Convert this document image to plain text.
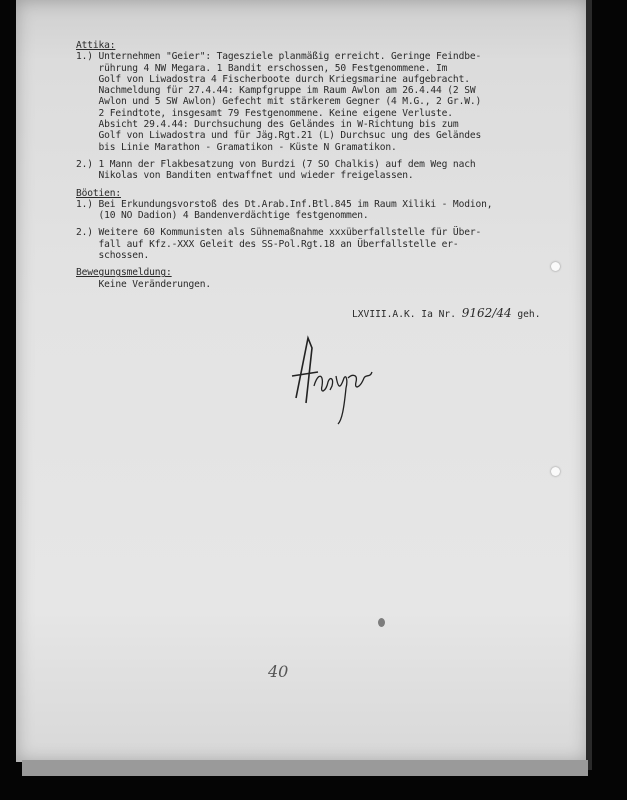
Attika:
1.) Unternehmen "Geier": Tagesziele planmäßig erreicht. Geringe Feindbe-
rührung 4 NW Megara. 1 Bandit erschossen, 50 Festgenommene. Im
Golf von Liwadostra 4 Fischerboote durch Kriegsmarine aufgebracht.
Nachmeldung für 27.4.44: Kampfgruppe im Raum Awlon am 26.4.44 (2 SW
Awlon und 5 SW Awlon) Gefecht mit stärkerem Gegner (4 M.G., 2 Gr.W.)
2 Feindtote, insgesamt 79 Festgenommene. Keine eigene Verluste.
Absicht 29.4.44: Durchsuchung des Geländes in W-Richtung bis zum
Golf von Liwadostra und für Jäg.Rgt.21 (L) Durchsuc ung des Geländes
bis Linie Marathon - Gramatikon - Küste N Gramatikon.
2.) 1 Mann der Flakbesatzung von Burdzi (7 SO Chalkis) auf dem Weg nach
Nikolas von Banditen entwaffnet und wieder freigelassen.
Böotien:
1.) Bei Erkundungsvorstoß des Dt.Arab.Inf.Btl.845 im Raum Xiliki - Modion,
(10 NO Dadion) 4 Bandenverdächtige festgenommen.
2.) Weitere 60 Kommunisten als Sühnemaßnahme xxxüberfallstelle für Über-
fall auf Kfz.-XXX Geleit des SS-Pol.Rgt.18 an Überfallstelle er-
schossen.
Bewegungsmeldung:
Keine Veränderungen.
LXVIII.A.K. Ia Nr. 9162/44 geh.
40
